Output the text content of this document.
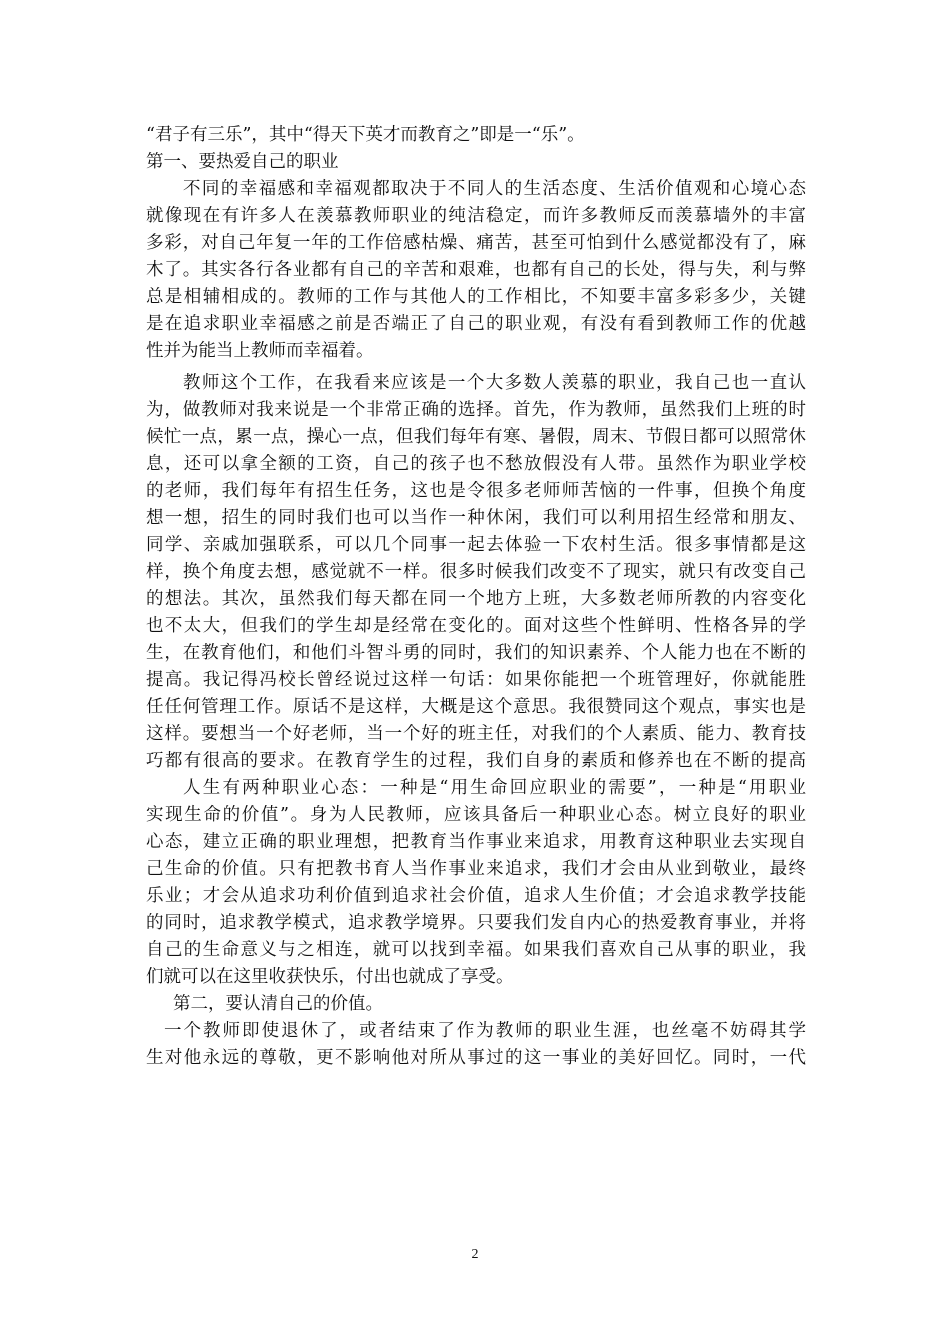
“君子有三乐”，其中“得天下英才而教育之”即是一“乐”。
第一、要热爱自己的职业
不同的幸福感和幸福观都取决于不同人的生活态度、生活价值观和心境心态
就像现在有许多人在羡慕教师职业的纯洁稳定，而许多教师反而羡慕墙外的丰富
多彩，对自己年复一年的工作倍感枯燥、痛苦，甚至可怕到什么感觉都没有了，麻
木了。其实各行各业都有自己的辛苦和艰难，也都有自己的长处，得与失，利与弊
总是相辅相成的。教师的工作与其他人的工作相比，不知要丰富多彩多少，关键
是在追求职业幸福感之前是否端正了自己的职业观，有没有看到教师工作的优越
性并为能当上教师而幸福着。
教师这个工作，在我看来应该是一个大多数人羡慕的职业，我自己也一直认
为，做教师对我来说是一个非常正确的选择。首先，作为教师，虽然我们上班的时
候忙一点，累一点，操心一点，但我们每年有寒、暑假，周末、节假日都可以照常休
息，还可以拿全额的工资，自己的孩子也不愁放假没有人带。虽然作为职业学校
的老师，我们每年有招生任务，这也是令很多老师师苦恼的一件事，但换个角度
想一想，招生的同时我们也可以当作一种休闲，我们可以利用招生经常和朋友、
同学、亲戚加强联系，可以几个同事一起去体验一下农村生活。很多事情都是这
样，换个角度去想，感觉就不一样。很多时候我们改变不了现实，就只有改变自己
的想法。其次，虽然我们每天都在同一个地方上班，大多数老师所教的内容变化
也不太大，但我们的学生却是经常在变化的。面对这些个性鲜明、性格各异的学
生，在教育他们，和他们斗智斗勇的同时，我们的知识素养、个人能力也在不断的
提高。我记得冯校长曾经说过这样一句话：如果你能把一个班管理好，你就能胜
任任何管理工作。原话不是这样，大概是这个意思。我很赞同这个观点，事实也是
这样。要想当一个好老师，当一个好的班主任，对我们的个人素质、能力、教育技
巧都有很高的要求。在教育学生的过程，我们自身的素质和修养也在不断的提高
人生有两种职业心态：一种是“用生命回应职业的需要”，一种是“用职业
实现生命的价值”。身为人民教师，应该具备后一种职业心态。树立良好的职业
心态，建立正确的职业理想，把教育当作事业来追求，用教育这种职业去实现自
己生命的价值。只有把教书育人当作事业来追求，我们才会由从业到敬业，最终
乐业；才会从追求功利价值到追求社会价值，追求人生价值；才会追求教学技能
的同时，追求教学模式，追求教学境界。只要我们发自内心的热爱教育事业，并将
自己的生命意义与之相连，就可以找到幸福。如果我们喜欢自己从事的职业，我
们就可以在这里收获快乐，付出也就成了享受。
第二，要认清自己的价值。
一个教师即使退休了，或者结束了作为教师的职业生涯，也丝毫不妨碍其学
生对他永远的尊敬，更不影响他对所从事过的这一事业的美好回忆。同时，一代
2
